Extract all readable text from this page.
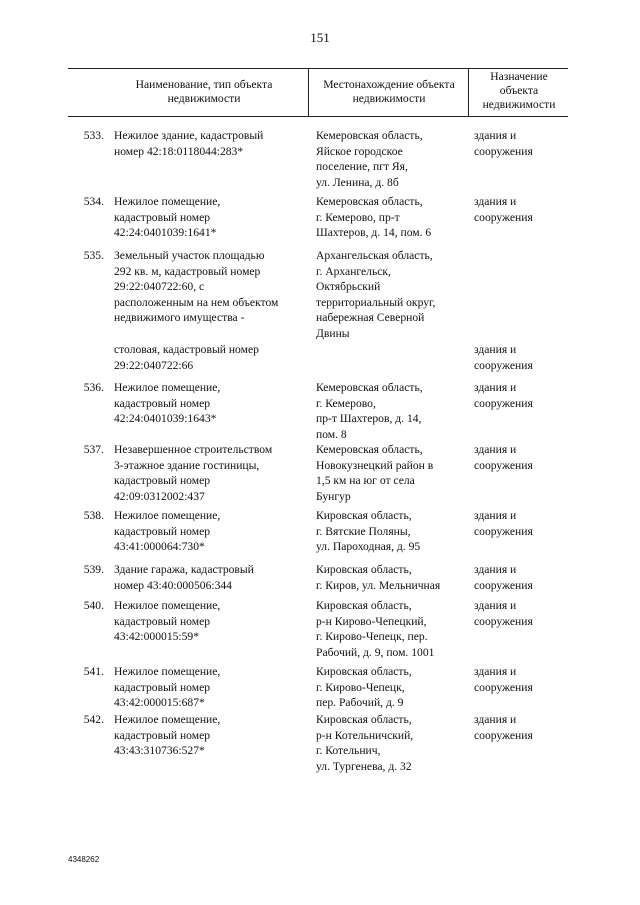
151
Наименование, тип объекта
недвижимости
Местонахождение объекта
недвижимости
Назначение
объекта
недвижимости
533. Нежилое здание, кадастровый
номер 42:18:0118044:283*
Кемеровская область,
Яйское городское
поселение, пгт Яя,
ул. Ленина, д. 8б
здания и
сооружения
534. Нежилое помещение,
кадастровый номер
42:24:0401039:1641*
Кемеровская область,
г. Кемерово, пр-т
Шахтеров, д. 14, пом. 6
здания и
сооружения
535. Земельный участок площадью
292 кв. м, кадастровый номер
29:22:040722:60, с
расположенным на нем объектом
недвижимого имущества -
Архангельская область,
г. Архангельск,
Октябрьский
территориальный округ,
набережная Северной
Двины
столовая, кадастровый номер
29:22:040722:66
здания и
сооружения
536. Нежилое помещение,
кадастровый номер
42:24:0401039:1643*
Кемеровская область,
г. Кемерово,
пр-т Шахтеров, д. 14,
пом. 8
здания и
сооружения
537. Незавершенное строительством
3-этажное здание гостиницы,
кадастровый номер
42:09:0312002:437
Кемеровская область,
Новокузнецкий район в
1,5 км на юг от села
Бунгур
здания и
сооружения
538. Нежилое помещение,
кадастровый номер
43:41:000064:730*
Кировская область,
г. Вятские Поляны,
ул. Пароходная, д. 95
здания и
сооружения
539. Здание гаража, кадастровый
номер 43:40:000506:344
Кировская область,
г. Киров, ул. Мельничная
здания и
сооружения
540. Нежилое помещение,
кадастровый номер
43:42:000015:59*
Кировская область,
р-н Кирово-Чепецкий,
г. Кирово-Чепецк, пер.
Рабочий, д. 9, пом. 1001
здания и
сооружения
541. Нежилое помещение,
кадастровый номер
43:42:000015:687*
Кировская область,
г. Кирово-Чепецк,
пер. Рабочий, д. 9
здания и
сооружения
542. Нежилое помещение,
кадастровый номер
43:43:310736:527*
Кировская область,
р-н Котельничский,
г. Котельнич,
ул. Тургенева, д. 32
здания и
сооружения
4348262
